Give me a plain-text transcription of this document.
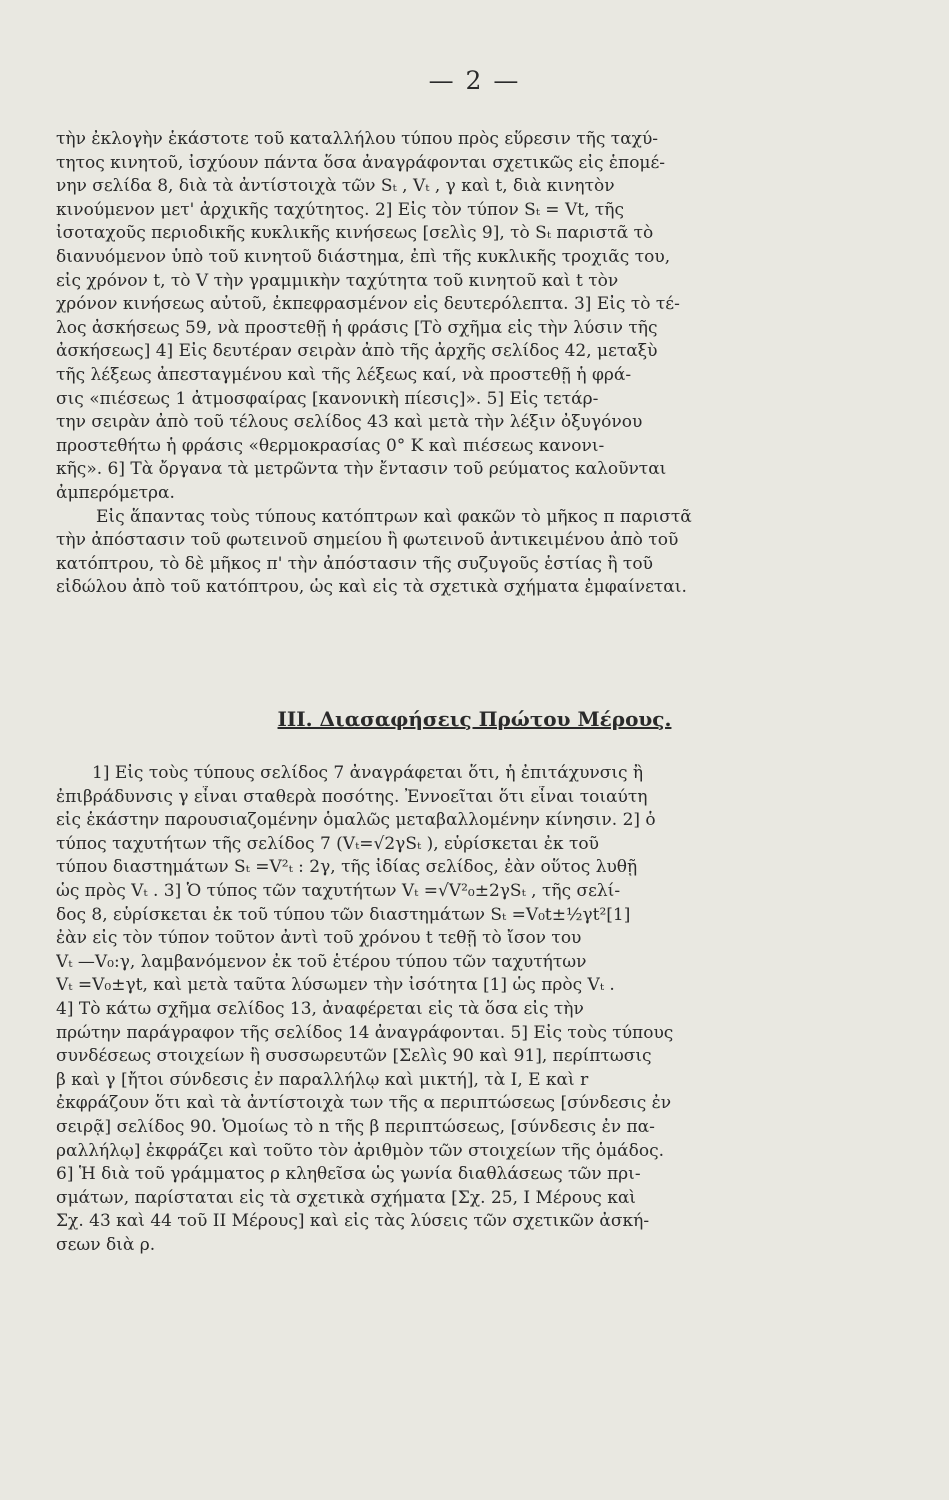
— 2 —
τὴν ἐκλογὴν ἑκάστοτε τοῦ καταλλήλου τύπου πρὸς εὕρεσιν τῆς ταχύ-
τητος κινητοῦ, ἰσχύουν πάντα ὅσα ἀναγράφονται σχετικῶς εἰς ἑπομέ-
νην σελίδα 8, διὰ τὰ ἀντίστοιχὰ τῶν Sₜ , Vₜ , γ καὶ t, διὰ κινητὸν
κινούμενον μετ' ἀρχικῆς ταχύτητος. 2] Εἰς τὸν τύπον Sₜ = Vt, τῆς
ἰσοταχοῦς περιοδικῆς κυκλικῆς κινήσεως [σελὶς 9], τὸ Sₜ παριστᾶ τὸ
διανυόμενον ὑπὸ τοῦ κινητοῦ διάστημα, ἐπὶ τῆς κυκλικῆς τροχιᾶς του,
εἰς χρόνον t, τὸ V τὴν γραμμικὴν ταχύτητα τοῦ κινητοῦ καὶ t τὸν
χρόνον κινήσεως αὐτοῦ, ἐκπεφρασμένον εἰς δευτερόλεπτα. 3] Εἰς τὸ τέ-
λος ἀσκήσεως 59, νὰ προστεθῇ ἡ φράσις [Τὸ σχῆμα εἰς τὴν λύσιν τῆς
ἀσκήσεως] 4] Εἰς δευτέραν σειρὰν ἀπὸ τῆς ἀρχῆς σελίδος 42, μεταξὺ
τῆς λέξεως ἀπεσταγμένου καὶ τῆς λέξεως καί, νὰ προστεθῇ ἡ φρά-
σις «πιέσεως 1 ἀτμοσφαίρας [κανονικὴ πίεσις]». 5] Εἰς τετάρ-
την σειρὰν ἀπὸ τοῦ τέλους σελίδος 43 καὶ μετὰ τὴν λέξιν ὀξυγόνου
προστεθήτω ἡ φράσις «θερμοκρασίας 0° K καὶ πιέσεως κανονι-
κῆς». 6] Τὰ ὄργανα τὰ μετρῶντα τὴν ἔντασιν τοῦ ρεύματος καλοῦνται
ἀμπερόμετρα.
Εἰς ἅπαντας τοὺς τύπους κατόπτρων καὶ φακῶν τὸ μῆκος π παριστᾶ
τὴν ἀπόστασιν τοῦ φωτεινοῦ σημείου ἢ φωτεινοῦ ἀντικειμένου ἀπὸ τοῦ
κατόπτρου, τὸ δὲ μῆκος π' τὴν ἀπόστασιν τῆς συζυγοῦς ἑστίας ἢ τοῦ
εἰδώλου ἀπὸ τοῦ κατόπτρου, ὡς καὶ εἰς τὰ σχετικὰ σχήματα ἐμφαίνεται.
III. Διασαφήσεις Πρώτου Μέρους.
1] Εἰς τοὺς τύπους σελίδος 7 ἀναγράφεται ὅτι, ἡ ἐπιτάχυνσις ἢ
ἐπιβράδυνσις γ εἶναι σταθερὰ ποσότης. Ἐννοεῖται ὅτι εἶναι τοιαύτη
εἰς ἑκάστην παρουσιαζομένην ὁμαλῶς μεταβαλλομένην κίνησιν. 2] ὁ
τύπος ταχυτήτων τῆς σελίδος 7 (Vₜ=√2γSₜ ), εὑρίσκεται ἐκ τοῦ
τύπου διαστημάτων Sₜ =V²ₜ : 2γ, τῆς ἰδίας σελίδος, ἐὰν οὕτος λυθῇ
ὡς πρὸς Vₜ . 3] Ὁ τύπος τῶν ταχυτήτων Vₜ =√V²₀±2γSₜ , τῆς σελί-
δος 8, εὑρίσκεται ἐκ τοῦ τύπου τῶν διαστημάτων Sₜ =V₀t±½γt²[1]
ἐὰν εἰς τὸν τύπον τοῦτον ἀντὶ τοῦ χρόνου t τεθῇ τὸ ἴσον του
Vₜ —V₀:γ, λαμβανόμενον ἐκ τοῦ ἑτέρου τύπου τῶν ταχυτήτων
Vₜ =V₀±γt, καὶ μετὰ ταῦτα λύσωμεν τὴν ἰσότητα [1] ὡς πρὸς Vₜ .
4] Τὸ κάτω σχῆμα σελίδος 13, ἀναφέρεται εἰς τὰ ὅσα εἰς τὴν
πρώτην παράγραφον τῆς σελίδος 14 ἀναγράφονται. 5] Εἰς τοὺς τύπους
συνδέσεως στοιχείων ἢ συσσωρευτῶν [Σελὶς 90 καὶ 91], περίπτωσις
β καὶ γ [ἤτοι σύνδεσις ἐν παραλλήλῳ καὶ μικτή], τὰ I, E καὶ r
ἐκφράζουν ὅτι καὶ τὰ ἀντίστοιχὰ των τῆς α περιπτώσεως [σύνδεσις ἐν
σειρᾷ] σελίδος 90. Ὁμοίως τὸ n τῆς β περιπτώσεως, [σύνδεσις ἐν πα-
ραλλήλῳ] ἐκφράζει καὶ τοῦτο τὸν ἀριθμὸν τῶν στοιχείων τῆς ὁμάδος.
6] Ἡ διὰ τοῦ γράμματος ρ κληθεῖσα ὡς γωνία διαθλάσεως τῶν πρι-
σμάτων, παρίσταται εἰς τὰ σχετικὰ σχήματα [Σχ. 25, I Μέρους καὶ
Σχ. 43 καὶ 44 τοῦ II Μέρους] καὶ εἰς τὰς λύσεις τῶν σχετικῶν ἀσκή-
σεων διὰ ρ.
